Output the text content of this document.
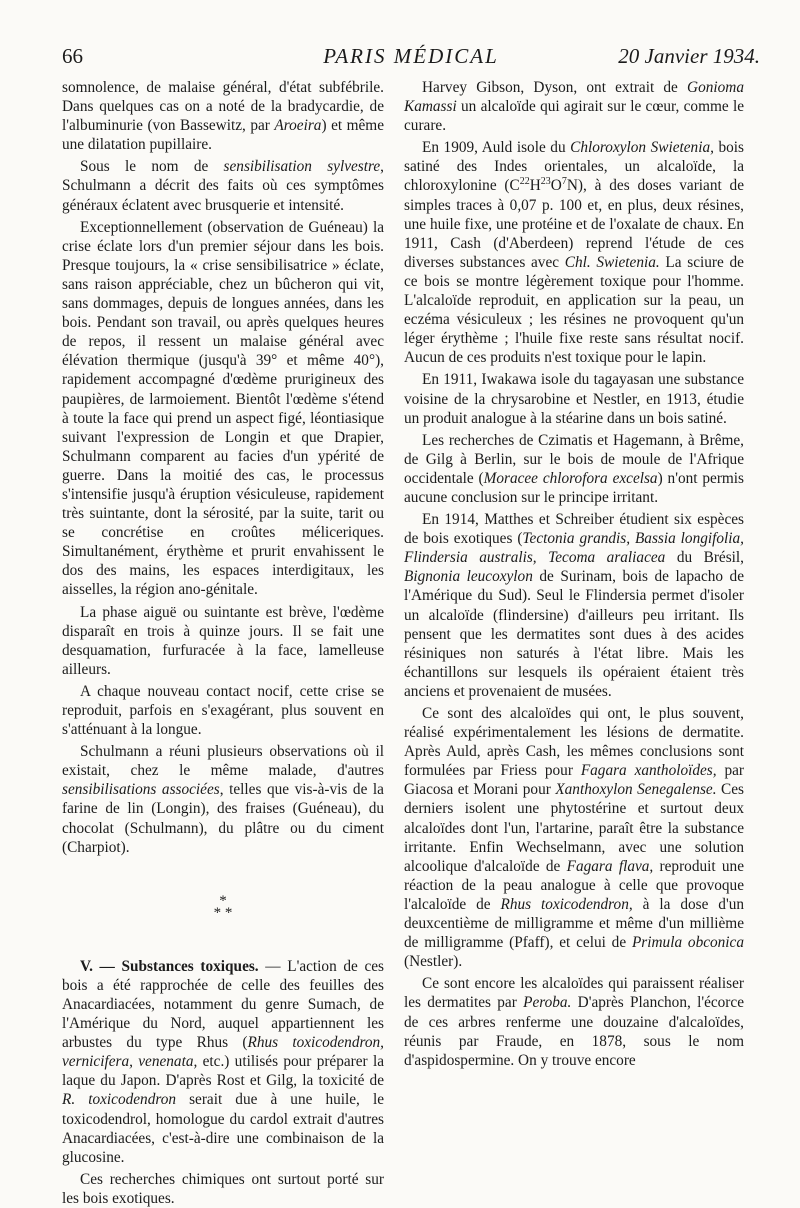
66	PARIS MÉDICAL	20 Janvier 1934.

somnolence, de malaise général, d'état subfébrile. Dans quelques cas on a noté de la bradycardie, de l'albuminurie (von Bassewitz, par Aroeira) et même une dilatation pupillaire.

Sous le nom de sensibilisation sylvestre, Schulmann a décrit des faits où ces symptômes généraux éclatent avec brusquerie et intensité.

Exceptionnellement (observation de Guéneau) la crise éclate lors d'un premier séjour dans les bois. Presque toujours, la « crise sensibilisatrice » éclate, sans raison appréciable, chez un bûcheron qui vit, sans dommages, depuis de longues années, dans les bois. Pendant son travail, ou après quelques heures de repos, il ressent un malaise général avec élévation thermique (jusqu'à 39° et même 40°), rapidement accompagné d'œdème prurigineux des paupières, de larmoiement. Bientôt l'œdème s'étend à toute la face qui prend un aspect figé, léontiasique suivant l'expression de Longin et que Drapier, Schulmann comparent au facies d'un ypérité de guerre. Dans la moitié des cas, le processus s'intensifie jusqu'à éruption vésiculeuse, rapidement très suintante, dont la sérosité, par la suite, tarit ou se concrétise en croûtes méliceriques. Simultanément, érythème et prurit envahissent le dos des mains, les espaces interdigitaux, les aisselles, la région ano-génitale.

La phase aiguë ou suintante est brève, l'œdème disparaît en trois à quinze jours. Il se fait une desquamation, furfuracée à la face, lamelleuse ailleurs.

A chaque nouveau contact nocif, cette crise se reproduit, parfois en s'exagérant, plus souvent en s'atténuant à la longue.

Schulmann a réuni plusieurs observations où il existait, chez le même malade, d'autres sensibilisations associées, telles que vis-à-vis de la farine de lin (Longin), des fraises (Guéneau), du chocolat (Schulmann), du plâtre ou du ciment (Charpiot).

*
* *

V. — Substances toxiques. — L'action de ces bois a été rapprochée de celle des feuilles des Anacardiacées, notamment du genre Sumach, de l'Amérique du Nord, auquel appartiennent les arbustes du type Rhus (Rhus toxicodendron, vernicifera, venenata, etc.) utilisés pour préparer la laque du Japon. D'après Rost et Gilg, la toxicité de R. toxicodendron serait due à une huile, le toxicodendrol, homologue du cardol extrait d'autres Anacardiacées, c'est-à-dire une combinaison de la glucosine.

Ces recherches chimiques ont surtout porté sur les bois exotiques.

Harvey Gibson, Dyson, ont extrait de Gonioma Kamassi un alcaloïde qui agirait sur le cœur, comme le curare.

En 1909, Auld isole du Chloroxylon Swietenia, bois satiné des Indes orientales, un alcaloïde, la chloroxylonine $(C^{22}H^{23}O^7N)$, à des doses variant de simples traces à 0,07 p. 100 et, en plus, deux résines, une huile fixe, une protéine et de l'oxalate de chaux. En 1911, Cash (d'Aberdeen) reprend l'étude de ces diverses substances avec Chl. Swietenia. La sciure de ce bois se montre légèrement toxique pour l'homme. L'alcaloïde reproduit, en application sur la peau, un eczéma vésiculeux ; les résines ne provoquent qu'un léger érythème ; l'huile fixe reste sans résultat nocif. Aucun de ces produits n'est toxique pour le lapin.

En 1911, Iwakawa isole du tagayasan une substance voisine de la chrysarobine et Nestler, en 1913, étudie un produit analogue à la stéarine dans un bois satiné.

Les recherches de Czimatis et Hagemann, à Brême, de Gilg à Berlin, sur le bois de moule de l'Afrique occidentale (Moracee chlorofora excelsa) n'ont permis aucune conclusion sur le principe irritant.

En 1914, Matthes et Schreiber étudient six espèces de bois exotiques (Tectonia grandis, Bassia longifolia, Flindersia australis, Tecoma araliacea du Brésil, Bignonia leucoxylon de Surinam, bois de lapacho de l'Amérique du Sud). Seul le Flindersia permet d'isoler un alcaloïde (flindersine) d'ailleurs peu irritant. Ils pensent que les dermatites sont dues à des acides résiniques non saturés à l'état libre. Mais les échantillons sur lesquels ils opéraient étaient très anciens et provenaient de musées.

Ce sont des alcaloïdes qui ont, le plus souvent, réalisé expérimentalement les lésions de dermatite. Après Auld, après Cash, les mêmes conclusions sont formulées par Friess pour Fagara xantholoïdes, par Giacosa et Morani pour Xanthoxylon Senegalense. Ces derniers isolent une phytostérine et surtout deux alcaloïdes dont l'un, l'artarine, paraît être la substance irritante. Enfin Wechselmann, avec une solution alcoolique d'alcaloïde de Fagara flava, reproduit une réaction de la peau analogue à celle que provoque l'alcaloïde de Rhus toxicodendron, à la dose d'un deuxcentième de milligramme et même d'un millième de milligramme (Pfaff), et celui de Primula obconica (Nestler).

Ce sont encore les alcaloïdes qui paraissent réaliser les dermatites par Peroba. D'après Planchon, l'écorce de ces arbres renferme une douzaine d'alcaloïdes, réunis par Fraude, en 1878, sous le nom d'aspidospermine. On y trouve encore
